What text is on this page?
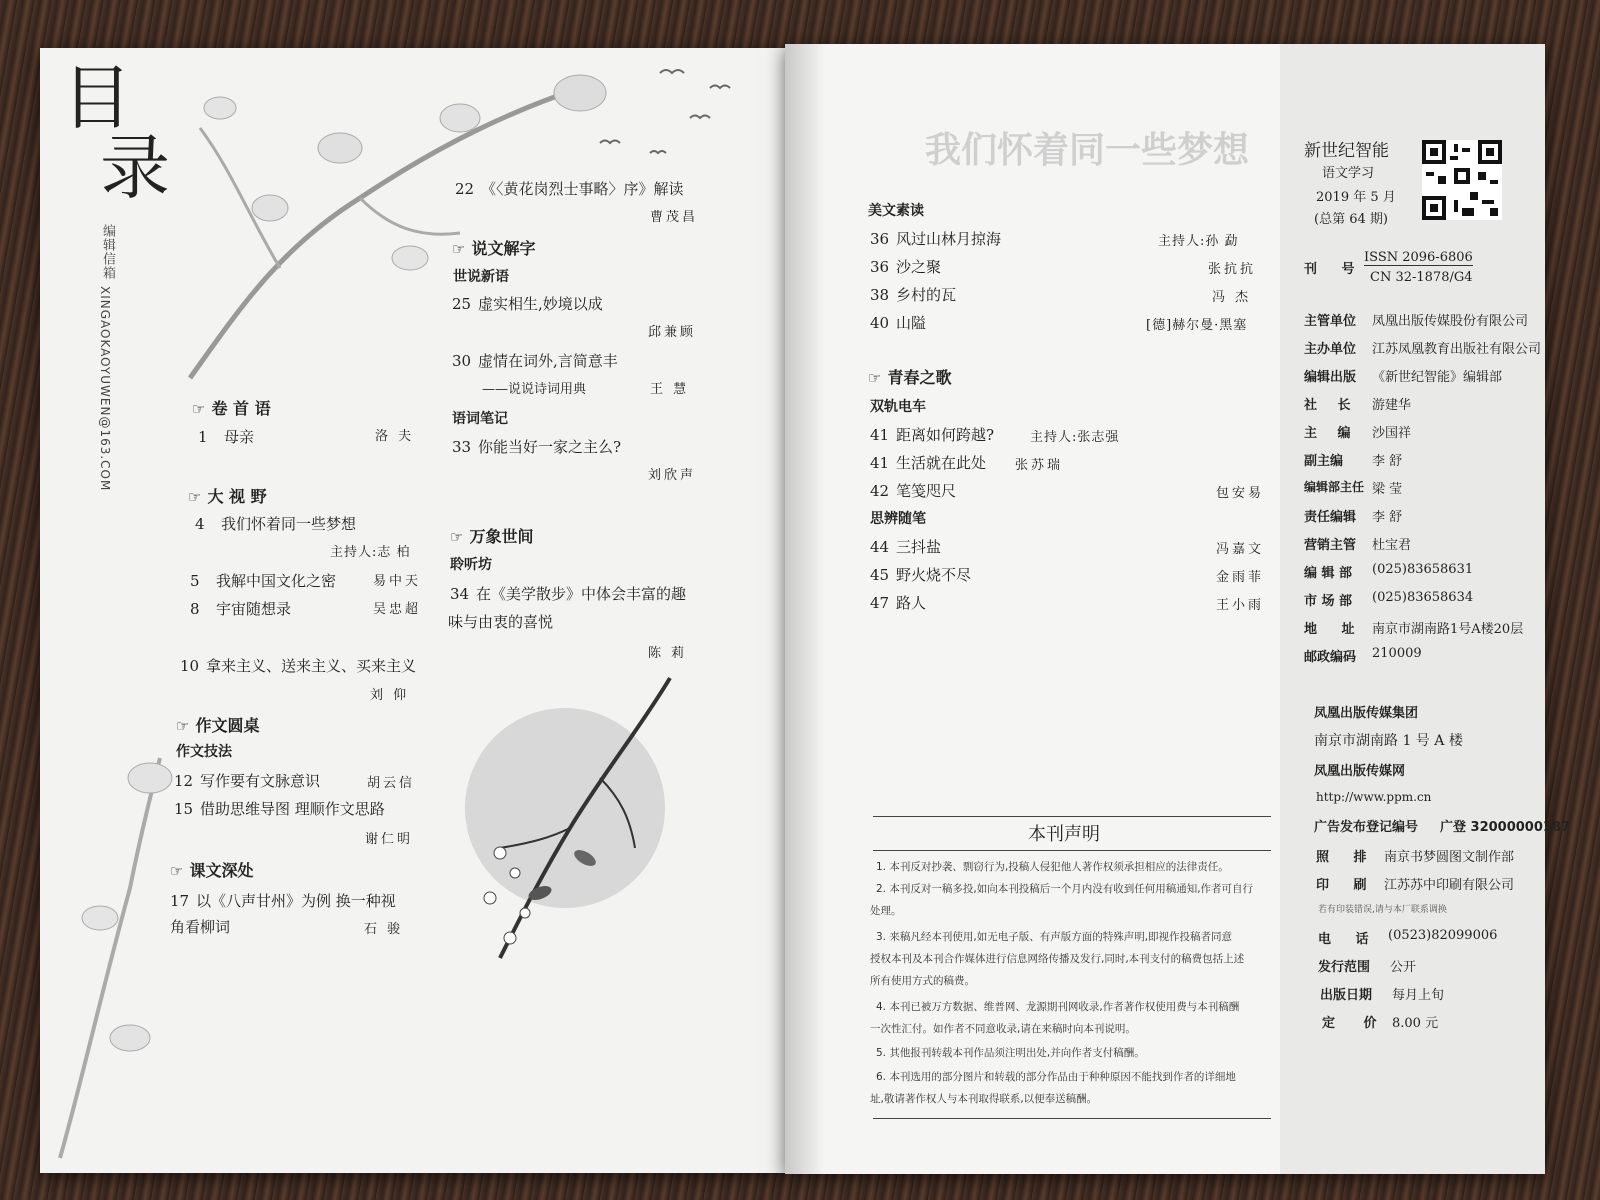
目
录
编辑信箱
XINGAOKAOYUWEN@163.COM	☞ 卷 首 语
1 母亲	洛 夫
☞ 大 视 野
4 我们怀着同一些梦想
主持人:志 柏
5 我解中国文化之密	易中天
8 宇宙随想录	吴忠超
10 拿来主义、送来主义、买来主义
刘 仰
☞ 作文圆桌
作文技法
12 写作要有文脉意识	胡云信
15 借助思维导图 理顺作文思路
谢仁明
☞ 课文深处
17 以《八声甘州》为例 换一种视
角看柳词	石 骏
22 《〈黄花岗烈士事略〉序》解读
曹茂昌
☞ 说文解字
世说新语
25 虚实相生,妙境以成
邱兼顾
30 虚情在词外,言简意丰
——说说诗词用典	王 慧
语词笔记
33 你能当好一家之主么?
刘欣声
☞ 万象世间
聆听坊
34 在《美学散步》中体会丰富的趣
味与由衷的喜悦
陈 莉
我们怀着同一些梦想
美文素读
36 风过山林月掠海	主持人:孙 勐
36 沙之聚	张抗抗
38 乡村的瓦	冯 杰
40 山隘	[德]赫尔曼·黑塞
☞ 青春之歌
双轨电车
41 距离如何跨越?	主持人:张志强
41 生活就在此处 张苏瑞
42 笔笺咫尺	包安易
思辨随笔
44 三抖盐	冯嘉文
45 野火烧不尽	金雨菲
47 路人	王小雨
本刊声明
1. 本刊反对抄袭、剽窃行为,投稿人侵犯他人著作权须承担相应的法律责任。
2. 本刊反对一稿多投,如向本刊投稿后一个月内没有收到任何用稿通知,作者可自行
处理。
3. 来稿凡经本刊使用,如无电子版、有声版方面的特殊声明,即视作投稿者同意
授权本刊及本刊合作媒体进行信息网络传播及发行,同时,本刊支付的稿费包括上述
所有使用方式的稿费。
4. 本刊已被万方数据、维普网、龙源期刊网收录,作者著作权使用费与本刊稿酬
一次性汇付。如作者不同意收录,请在来稿时向本刊说明。
5. 其他报刊转载本刊作品须注明出处,并向作者支付稿酬。
6. 本刊选用的部分图片和转载的部分作品由于种种原因不能找到作者的详细地
址,敬请著作权人与本刊取得联系,以便奉送稿酬。
新世纪智能
语文学习
2019 年 5 月
(总第 64 期)
刊 号
ISSN 2096-6806
CN 32-1878/G4
主管单位 凤凰出版传媒股份有限公司
主办单位 江苏凤凰教育出版社有限公司
编辑出版 《新世纪智能》编辑部
社 长 游建华
主 编 沙国祥
副主编 李 舒
编辑部主任 梁 莹
责任编辑 李 舒
营销主管 杜宝君
编 辑 部 (025)83658631
市 场 部 (025)83658634
地 址 南京市湖南路1号A楼20层
邮政编码 210009
凤凰出版传媒集团
南京市湖南路 1 号 A 楼
凤凰出版传媒网
http://www.ppm.cn
广告发布登记编号 广登 32000000187
照 排 南京书梦圆图文制作部
印 刷 江苏苏中印刷有限公司
若有印装错误,请与本厂联系调换
电 话 (0523)82099006
发行范围 公开
出版日期 每月上旬
定 价 8.00 元
